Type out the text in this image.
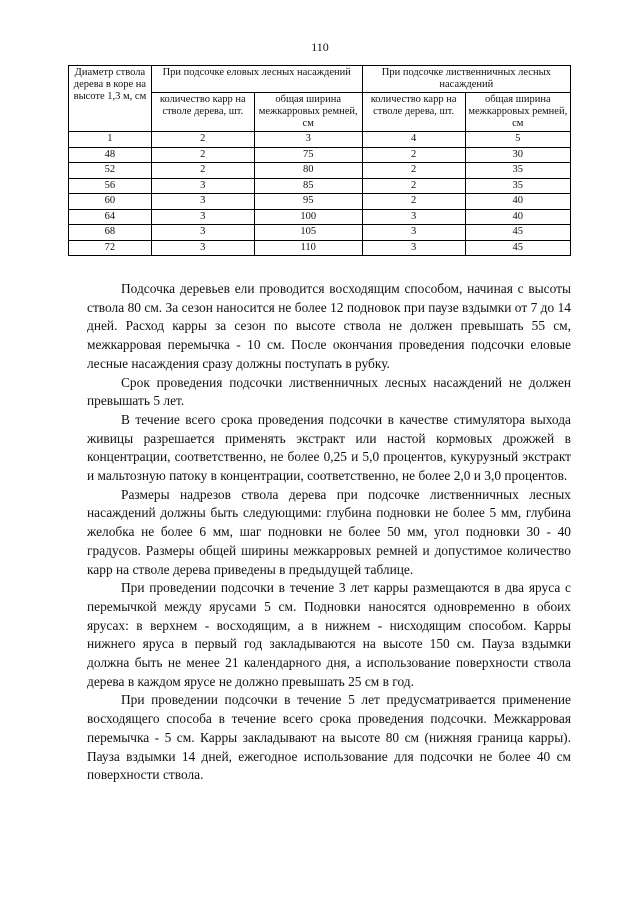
110
Диаметр ствола дерева в коре на высоте 1,3 м, см	При подсочке еловых лесных насаждений		При подсочке лиственничных лесных насаждений	
	количество карр на стволе дерева, шт.	общая ширина межкарровых ремней, см	количество карр на стволе дерева, шт.	общая ширина межкарровых ремней, см
1	2	3	4	5
48	2	75	2	30
52	2	80	2	35
56	3	85	2	35
60	3	95	2	40
64	3	100	3	40
68	3	105	3	45
72	3	110	3	45

Подсочка деревьев ели проводится восходящим способом, начиная с высоты ствола 80 см. За сезон наносится не более 12 подновок при паузе вздымки от 7 до 14 дней. Расход карры за сезон по высоте ствола не должен превышать 55 см, межкарровая перемычка - 10 см. После окончания проведения подсочки еловые лесные насаждения сразу должны поступать в рубку.

Срок проведения подсочки лиственничных лесных насаждений не должен превышать 5 лет.

В течение всего срока проведения подсочки в качестве стимулятора выхода живицы разрешается применять экстракт или настой кормовых дрожжей в концентрации, соответственно, не более 0,25 и 5,0 процентов, кукурузный экстракт и мальтозную патоку в концентрации, соответственно, не более 2,0 и 3,0 процентов.

Размеры надрезов ствола дерева при подсочке лиственничных лесных насаждений должны быть следующими: глубина подновки не более 5 мм, глубина желобка не более 6 мм, шаг подновки не более 50 мм, угол подновки 30 - 40 градусов. Размеры общей ширины межкарровых ремней и допустимое количество карр на стволе дерева приведены в предыдущей таблице.

При проведении подсочки в течение 3 лет карры размещаются в два яруса с перемычкой между ярусами 5 см. Подновки наносятся одновременно в обоих ярусах: в верхнем - восходящим, а в нижнем - нисходящим способом. Карры нижнего яруса в первый год закладываются на высоте 150 см. Пауза вздымки должна быть не менее 21 календарного дня, а использование поверхности ствола дерева в каждом ярусе не должно превышать 25 см в год.

При проведении подсочки в течение 5 лет предусматривается применение восходящего способа в течение всего срока проведения подсочки. Межкарровая перемычка - 5 см. Карры закладывают на высоте 80 см (нижняя граница карры). Пауза вздымки 14 дней, ежегодное использование для подсочки не более 40 см поверхности ствола.
